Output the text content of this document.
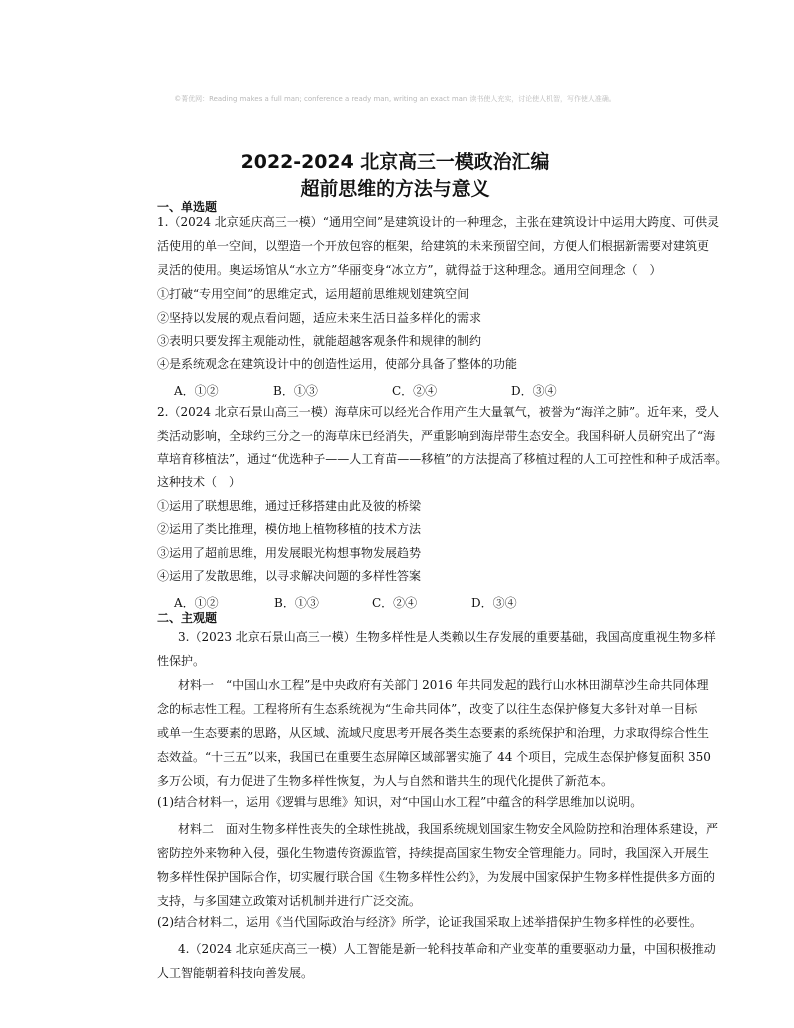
©菁优网：Reading makes a full man; conference a ready man, writing an exact man 读书使人充实，讨论使人机智，写作使人准确。
2022-2024 北京高三一模政治汇编
超前思维的方法与意义
一、单选题
1.（2024 北京延庆高三一模）“通用空间”是建筑设计的一种理念，主张在建筑设计中运用大跨度、可供灵
活使用的单一空间，以塑造一个开放包容的框架，给建筑的未来预留空间，方便人们根据新需要对建筑更
灵活的使用。奥运场馆从“水立方”华丽变身“冰立方”，就得益于这种理念。通用空间理念（　）
①打破“专用空间”的思维定式，运用超前思维规划建筑空间
②坚持以发展的观点看问题，适应未来生活日益多样化的需求
③表明只要发挥主观能动性，就能超越客观条件和规律的制约
④是系统观念在建筑设计中的创造性运用，使部分具备了整体的功能
A．①②	B．①③	C．②④	D．③④
2.（2024 北京石景山高三一模）海草床可以经光合作用产生大量氧气，被誉为“海洋之肺”。近年来，受人
类活动影响，全球约三分之一的海草床已经消失，严重影响到海岸带生态安全。我国科研人员研究出了“海
草培育移植法”，通过“优选种子——人工育苗——移植”的方法提高了移植过程的人工可控性和种子成活率。
这种技术（　）
①运用了联想思维，通过迁移搭建由此及彼的桥梁
②运用了类比推理，模仿地上植物移植的技术方法
③运用了超前思维，用发展眼光构想事物发展趋势
④运用了发散思维，以寻求解决问题的多样性答案
A．①②	B．①③	C．②④	D．③④
二、主观题
3.（2023 北京石景山高三一模）生物多样性是人类赖以生存发展的重要基础，我国高度重视生物多样
性保护。
材料一　“中国山水工程”是中央政府有关部门 2016 年共同发起的践行山水林田湖草沙生命共同体理
念的标志性工程。工程将所有生态系统视为“生命共同体”，改变了以往生态保护修复大多针对单一目标
或单一生态要素的思路，从区域、流域尺度思考开展各类生态要素的系统保护和治理，力求取得综合性生
态效益。“十三五”以来，我国已在重要生态屏障区域部署实施了 44 个项目，完成生态保护修复面积 350
多万公顷，有力促进了生物多样性恢复，为人与自然和谐共生的现代化提供了新范本。
(1)结合材料一，运用《逻辑与思维》知识，对“中国山水工程”中蕴含的科学思维加以说明。
材料二　面对生物多样性丧失的全球性挑战，我国系统规划国家生物安全风险防控和治理体系建设，严
密防控外来物种入侵，强化生物遗传资源监管，持续提高国家生物安全管理能力。同时，我国深入开展生
物多样性保护国际合作，切实履行联合国《生物多样性公约》，为发展中国家保护生物多样性提供多方面的
支持，与多国建立政策对话机制并进行广泛交流。
(2)结合材料二，运用《当代国际政治与经济》所学，论证我国采取上述举措保护生物多样性的必要性。
4.（2024 北京延庆高三一模）人工智能是新一轮科技革命和产业变革的重要驱动力量，中国积极推动
人工智能朝着科技向善发展。
